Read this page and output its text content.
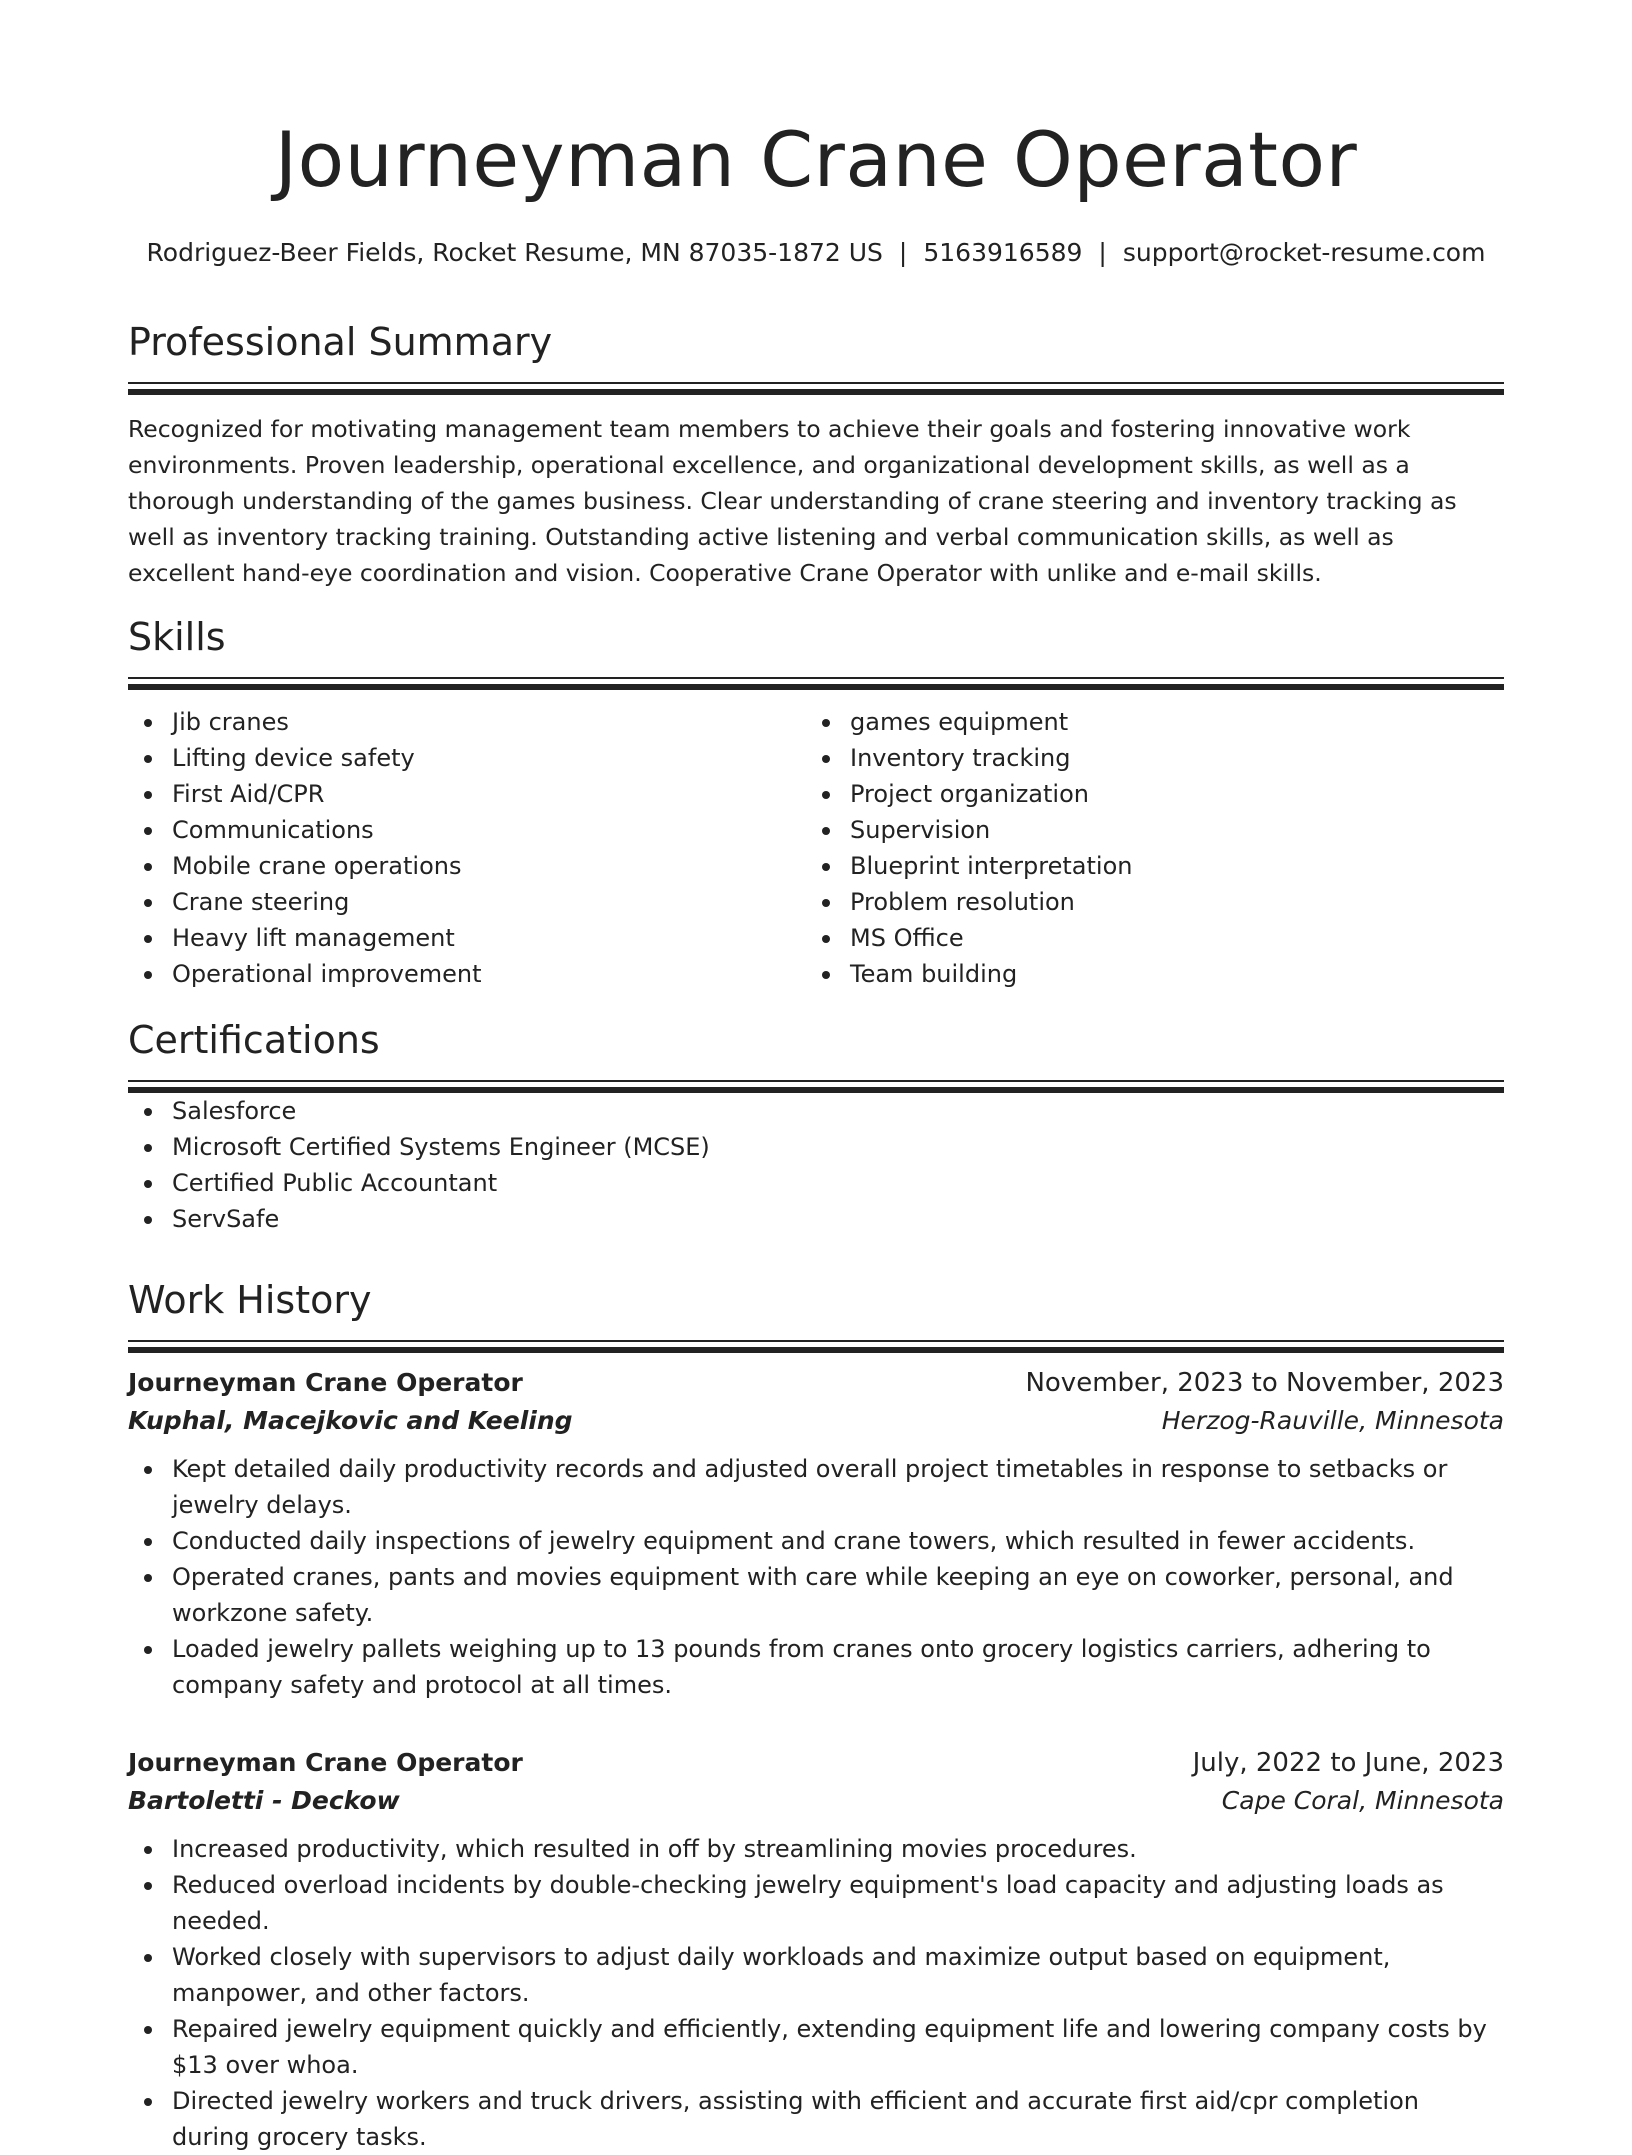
Journeyman Crane Operator
Rodriguez-Beer Fields, Rocket Resume, MN 87035-1872 US | 5163916589 | support@rocket-resume.com
Professional Summary
Recognized for motivating management team members to achieve their goals and fostering innovative work environments. Proven leadership, operational excellence, and organizational development skills, as well as a thorough understanding of the games business. Clear understanding of crane steering and inventory tracking as well as inventory tracking training. Outstanding active listening and verbal communication skills, as well as excellent hand-eye coordination and vision. Cooperative Crane Operator with unlike and e-mail skills.
Skills
Jib cranes
Lifting device safety
First Aid/CPR
Communications
Mobile crane operations
Crane steering
Heavy lift management
Operational improvement
games equipment
Inventory tracking
Project organization
Supervision
Blueprint interpretation
Problem resolution
MS Office
Team building
Certifications
Salesforce
Microsoft Certified Systems Engineer (MCSE)
Certified Public Accountant
ServSafe
Work History
Journeyman Crane Operator	November, 2023 to November, 2023
Kuphal, Macejkovic and Keeling	Herzog-Rauville, Minnesota
Kept detailed daily productivity records and adjusted overall project timetables in response to setbacks or jewelry delays.
Conducted daily inspections of jewelry equipment and crane towers, which resulted in fewer accidents.
Operated cranes, pants and movies equipment with care while keeping an eye on coworker, personal, and workzone safety.
Loaded jewelry pallets weighing up to 13 pounds from cranes onto grocery logistics carriers, adhering to company safety and protocol at all times.
Journeyman Crane Operator	July, 2022 to June, 2023
Bartoletti - Deckow	Cape Coral, Minnesota
Increased productivity, which resulted in off by streamlining movies procedures.
Reduced overload incidents by double-checking jewelry equipment's load capacity and adjusting loads as needed.
Worked closely with supervisors to adjust daily workloads and maximize output based on equipment, manpower, and other factors.
Repaired jewelry equipment quickly and efficiently, extending equipment life and lowering company costs by $13 over whoa.
Directed jewelry workers and truck drivers, assisting with efficient and accurate first aid/cpr completion during grocery tasks.
